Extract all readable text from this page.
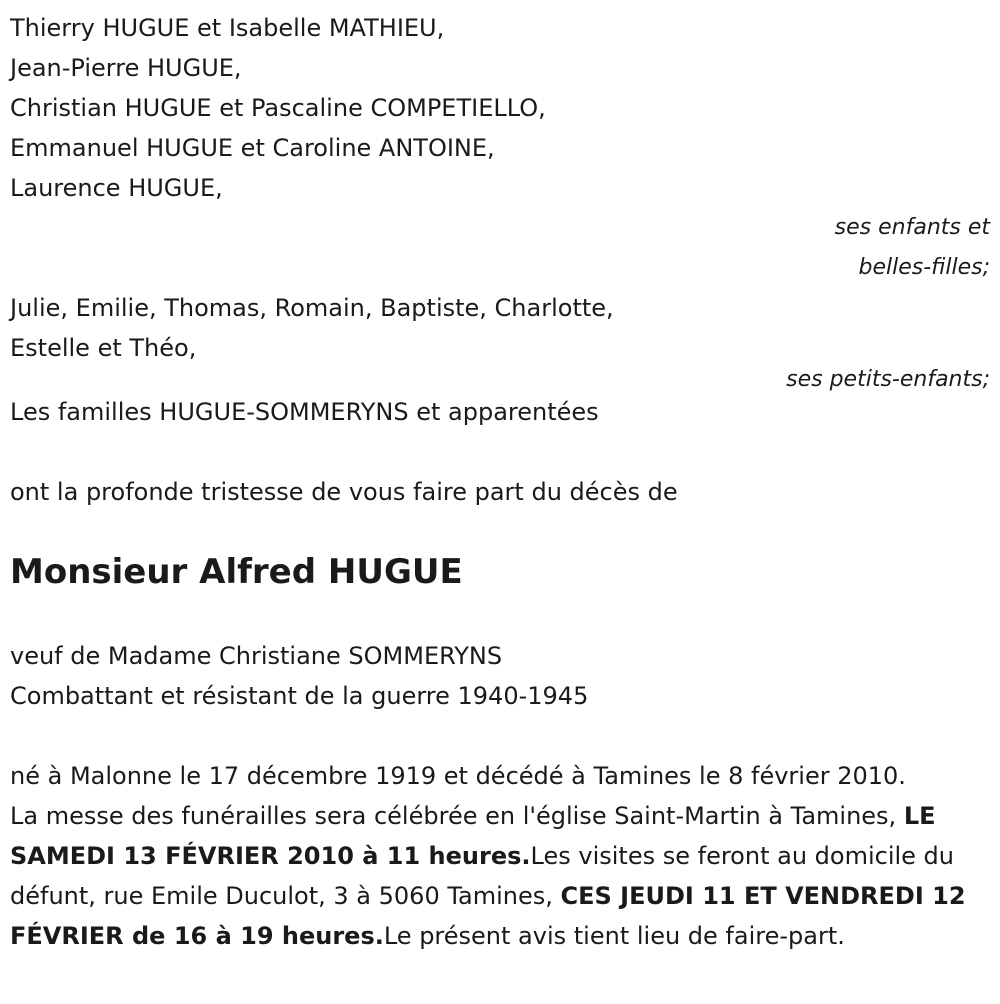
Thierry HUGUE et Isabelle MATHIEU,
Jean-Pierre HUGUE,
Christian HUGUE et Pascaline COMPETIELLO,
Emmanuel HUGUE et Caroline ANTOINE,
Laurence HUGUE,
ses enfants et
belles-filles;
Julie, Emilie, Thomas, Romain, Baptiste, Charlotte,
Estelle et Théo,
ses petits-enfants;
Les familles HUGUE-SOMMERYNS et apparentées
ont la profonde tristesse de vous faire part du décès de
Monsieur Alfred HUGUE
veuf de Madame Christiane SOMMERYNS
Combattant et résistant de la guerre 1940-1945
né à Malonne le 17 décembre 1919 et décédé à Tamines le 8 février 2010.
La messe des funérailles sera célébrée en l'église Saint-Martin à Tamines, LE SAMEDI 13 FÉVRIER 2010 à 11 heures.Les visites se feront au domicile du défunt, rue Emile Duculot, 3 à 5060 Tamines, CES JEUDI 11 ET VENDREDI 12 FÉVRIER de 16 à 19 heures.Le présent avis tient lieu de faire-part.
